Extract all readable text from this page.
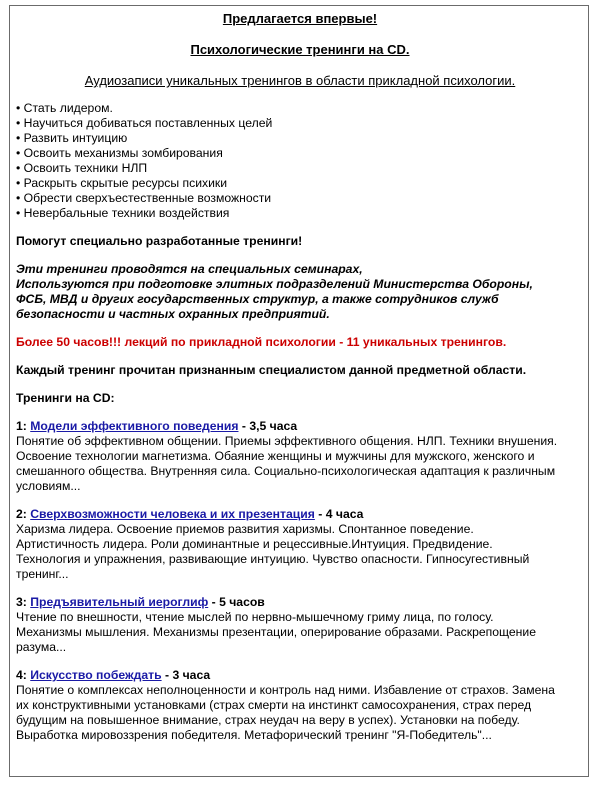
Предлагается впервые!
Психологические тренинги на CD.
Аудиозаписи уникальных тренингов в области прикладной психологии.
• Стать лидером.
• Научиться добиваться поставленных целей
• Развить интуицию
• Освоить механизмы зомбирования
• Освоить техники НЛП
• Раскрыть скрытые ресурсы психики
• Обрести сверхъестественные возможности
• Невербальные техники воздействия
Помогут специально разработанные тренинги!
Эти тренинги проводятся на специальных семинарах,
Используются при подготовке элитных подразделений Министерства Обороны,
ФСБ, МВД и других государственных структур, а также сотрудников служб
безопасности и частных охранных предприятий.
Более 50 часов!!! лекций по прикладной психологии - 11 уникальных тренингов.
Каждый тренинг прочитан признанным специалистом данной предметной области.
Тренинги на CD:
1: Модели эффективного поведения - 3,5 часа
Понятие об эффективном общении. Приемы эффективного общения. НЛП. Техники внушения.
Освоение технологии магнетизма. Обаяние женщины и мужчины для мужского, женского и
смешанного общества. Внутренняя сила. Социально-психологическая адаптация к различным
условиям...
2: Сверхвозможности человека и их презентация - 4 часа
Харизма лидера. Освоение приемов развития харизмы. Спонтанное поведение.
Артистичность лидера. Роли доминантные и рецессивные.Интуиция. Предвидение.
Технология и упражнения, развивающие интуицию. Чувство опасности. Гипносугестивный
тренинг...
3: Предъявительный иероглиф - 5 часов
Чтение по внешности, чтение мыслей по нервно-мышечному гриму лица, по голосу.
Механизмы мышления. Механизмы презентации, оперирование образами. Раскрепощение
разума...
4: Искусство побеждать - 3 часа
Понятие о комплексах неполноценности и контроль над ними. Избавление от страхов. Замена
их конструктивными установками (страх смерти на инстинкт самосохранения, страх перед
будущим на повышенное внимание, страх неудач на веру в успех). Установки на победу.
Выработка мировоззрения победителя. Метафорический тренинг "Я-Победитель"...
